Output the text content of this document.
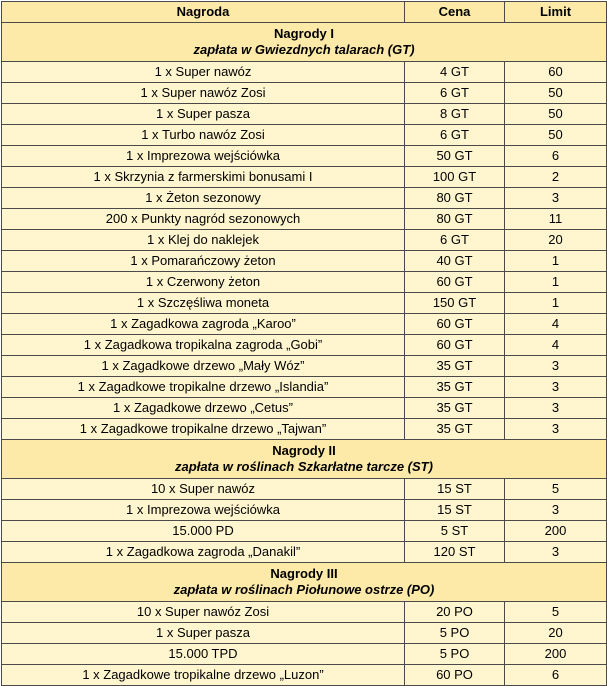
Nagroda	Cena	Limit

Nagrody I
zapłata w Gwiezdnych talarach (GT)		

1 x Super nawóz	4 GT	60
1 x Super nawóz Zosi	6 GT	50
1 x Super pasza	8 GT	50
1 x Turbo nawóz Zosi	6 GT	50
1 x Imprezowa wejściówka	50 GT	6
1 x Skrzynia z farmerskimi bonusami I	100 GT	2
1 x Żeton sezonowy	80 GT	3
200 x Punkty nagród sezonowych	80 GT	11
1 x Klej do naklejek	6 GT	20
1 x Pomarańczowy żeton	40 GT	1
1 x Czerwony żeton	60 GT	1
1 x Szczęśliwa moneta	150 GT	1
1 x Zagadkowa zagroda „Karoo”	60 GT	4
1 x Zagadkowa tropikalna zagroda „Gobi”	60 GT	4
1 x Zagadkowe drzewo „Mały Wóz”	35 GT	3
1 x Zagadkowe tropikalne drzewo „Islandia”	35 GT	3
1 x Zagadkowe drzewo „Cetus”	35 GT	3
1 x Zagadkowe tropikalne drzewo „Tajwan”	35 GT	3

Nagrody II
zapłata w roślinach Szkarłatne tarcze (ST)		

10 x Super nawóz	15 ST	5
1 x Imprezowa wejściówka	15 ST	3
15.000 PD	5 ST	200
1 x Zagadkowa zagroda „Danakil”	120 ST	3

Nagrody III
zapłata w roślinach Piołunowe ostrze (PO)		

10 x Super nawóz Zosi	20 PO	5
1 x Super pasza	5 PO	20
15.000 TPD	5 PO	200
1 x Zagadkowe tropikalne drzewo „Luzon”	60 PO	6
